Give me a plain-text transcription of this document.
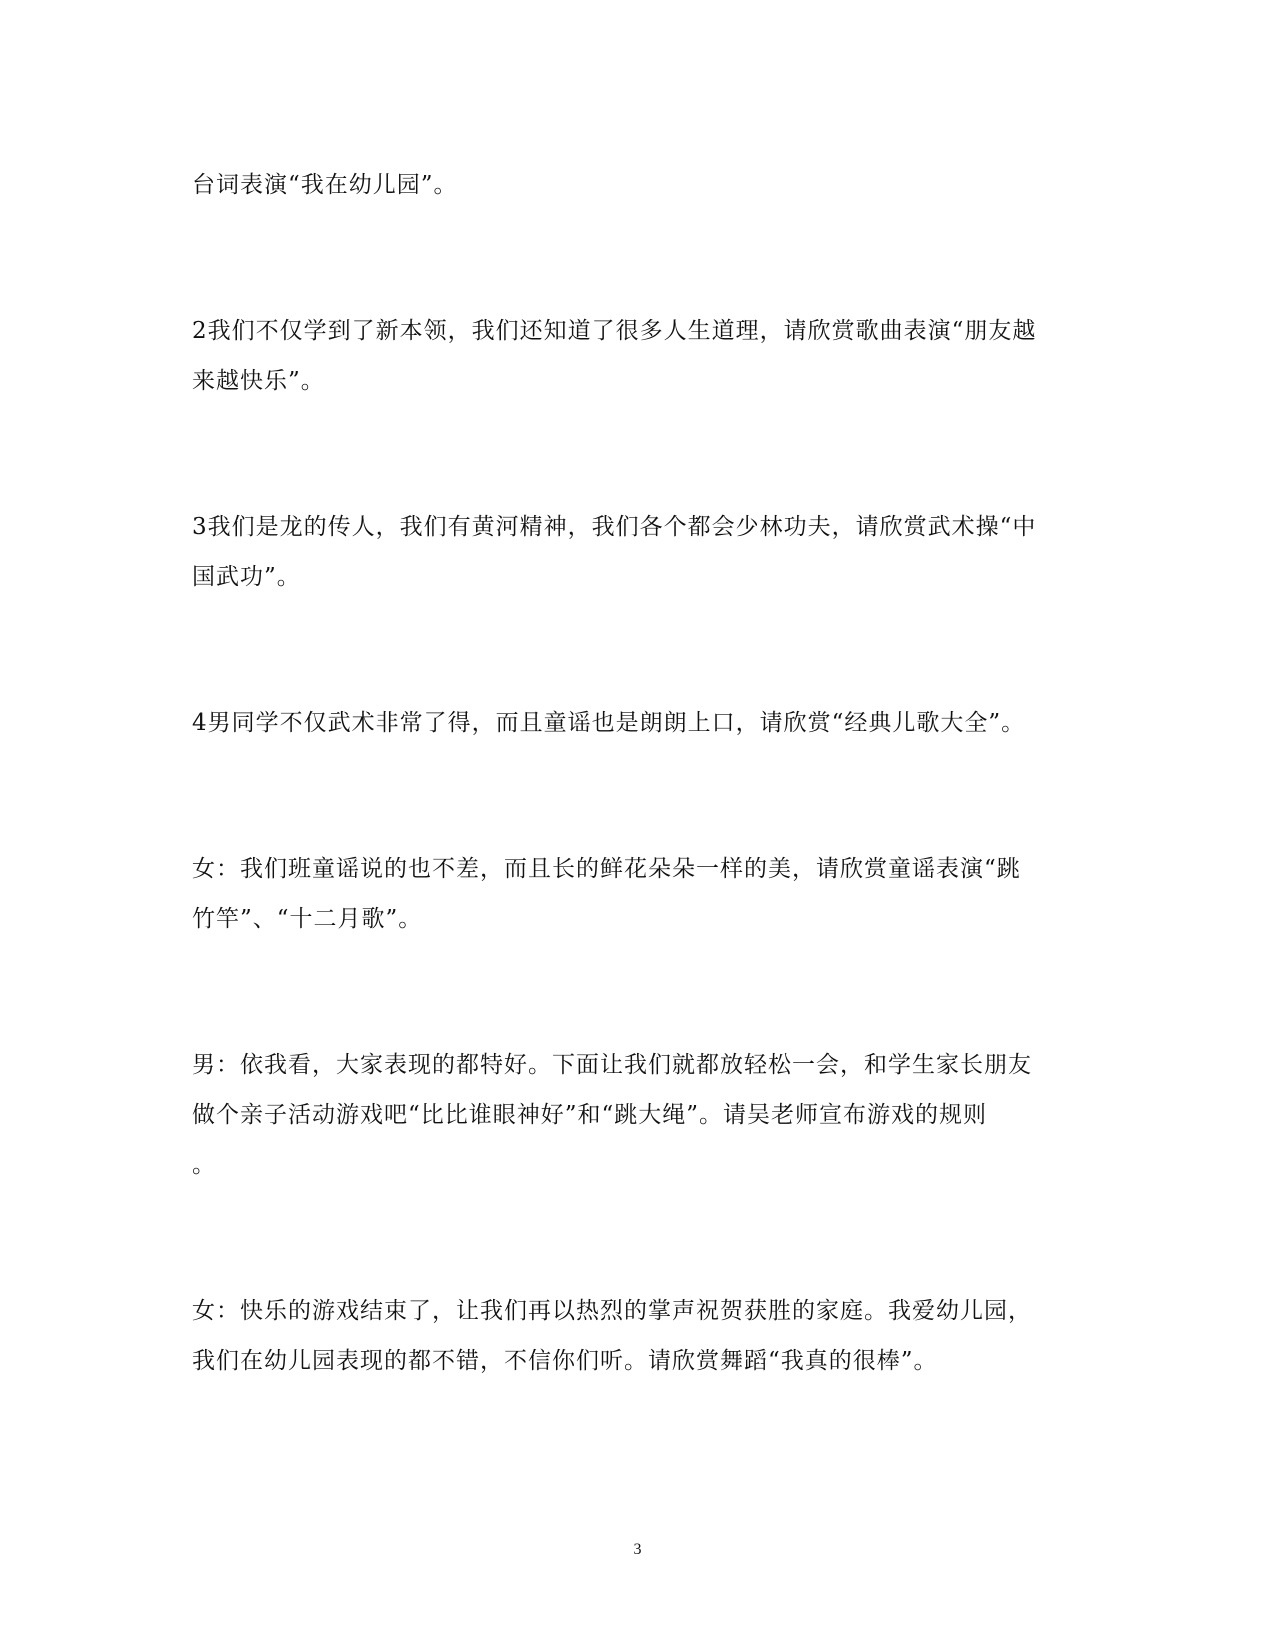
台词表演“我在幼儿园”。

2我们不仅学到了新本领，我们还知道了很多人生道理，请欣赏歌曲表演“朋友越
来越快乐”。

3我们是龙的传人，我们有黄河精神，我们各个都会少林功夫，请欣赏武术操“中
国武功”。

4男同学不仅武术非常了得，而且童谣也是朗朗上口，请欣赏“经典儿歌大全”。

女：我们班童谣说的也不差，而且长的鲜花朵朵一样的美，请欣赏童谣表演“跳
竹竿”、“十二月歌”。

男：依我看，大家表现的都特好。下面让我们就都放轻松一会，和学生家长朋友
做个亲子活动游戏吧“比比谁眼神好”和“跳大绳”。请吴老师宣布游戏的规则
。

女：快乐的游戏结束了，让我们再以热烈的掌声祝贺获胜的家庭。我爱幼儿园，
我们在幼儿园表现的都不错，不信你们听。请欣赏舞蹈“我真的很棒”。

3
